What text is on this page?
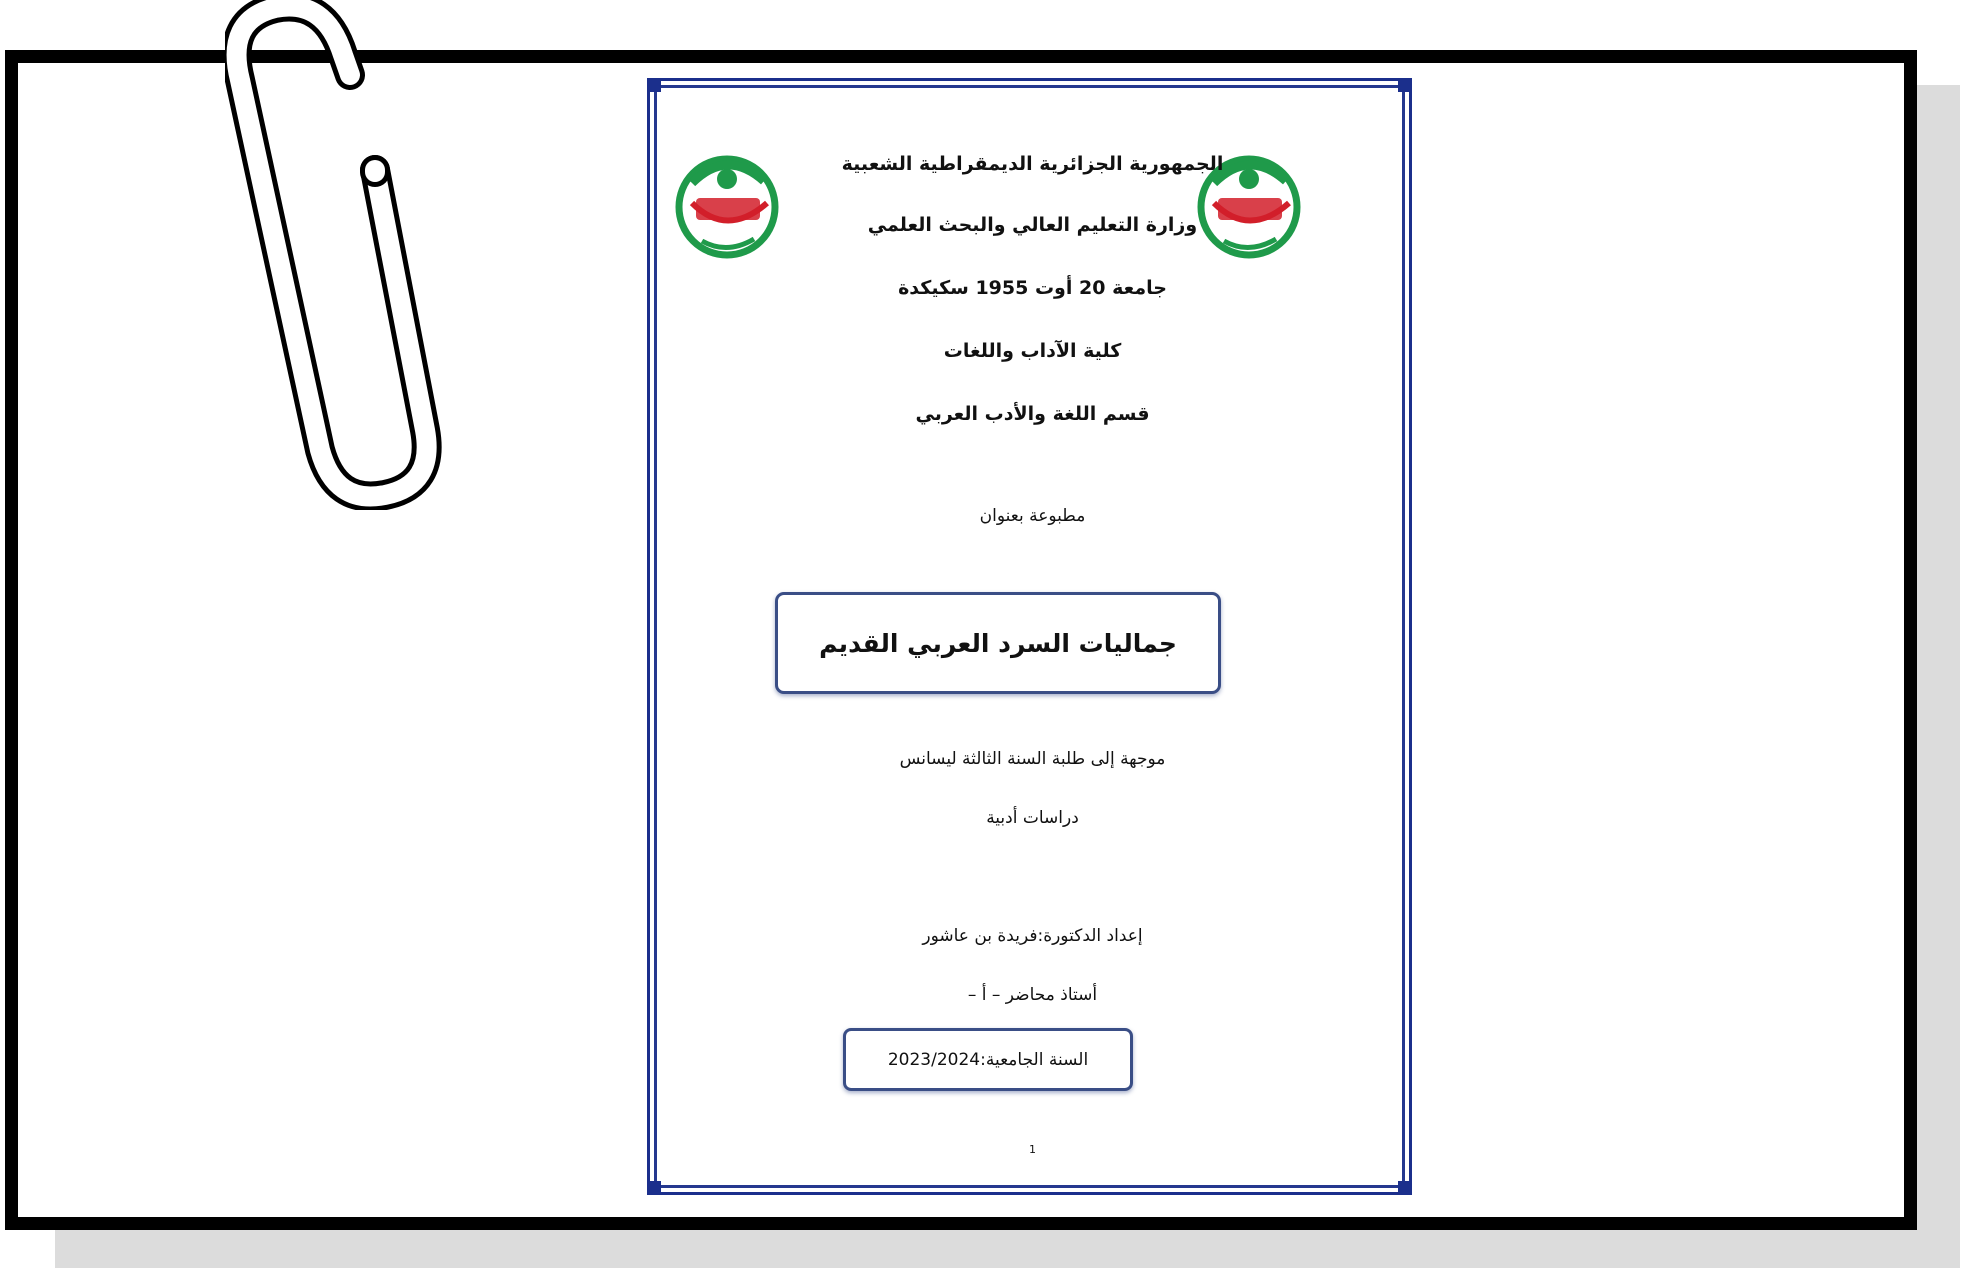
الجمهورية الجزائرية الديمقراطية الشعبية
وزارة التعليم العالي والبحث العلمي
جامعة 20 أوت 1955 سكيكدة
كلية الآداب واللغات
قسم اللغة والأدب العربي
مطبوعة بعنوان
جماليات السرد العربي القديم
موجهة إلى طلبة السنة الثالثة ليسانس
دراسات أدبية
إعداد الدكتورة:فريدة بن عاشور
أستاذ محاضر – أ –
السنة الجامعية:2023/2024
1
